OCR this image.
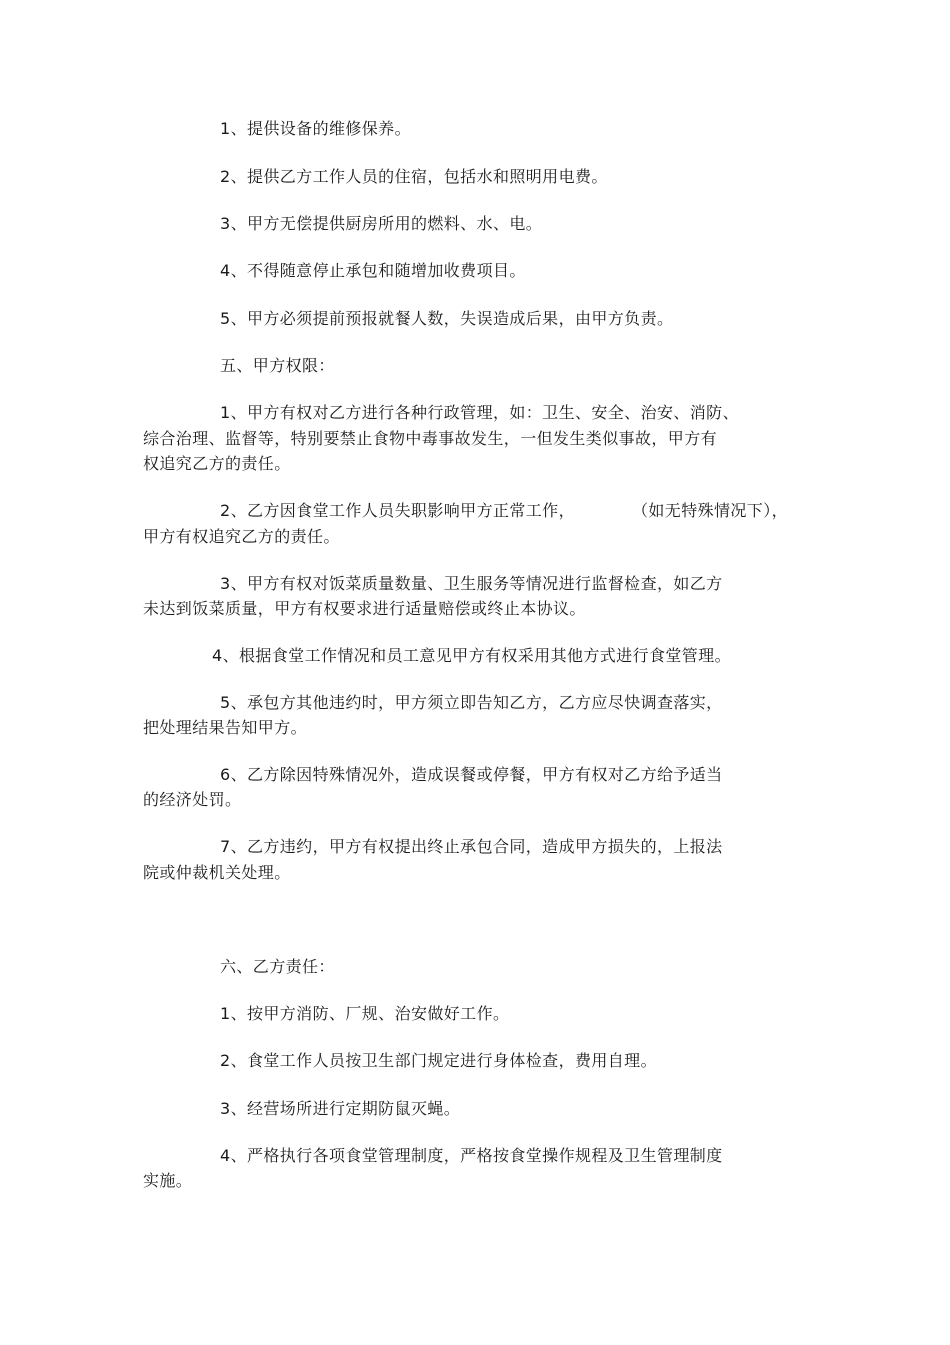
1、提供设备的维修保养。
2、提供乙方工作人员的住宿，包括水和照明用电费。
3、甲方无偿提供厨房所用的燃料、水、电。
4、不得随意停止承包和随增加收费项目。
5、甲方必须提前预报就餐人数，失误造成后果，由甲方负责。
五、甲方权限：
1、甲方有权对乙方进行各种行政管理，如：卫生、安全、治安、消防、
综合治理、监督等，特别要禁止食物中毒事故发生，一但发生类似事故，甲方有
权追究乙方的责任。
2、乙方因食堂工作人员失职影响甲方正常工作，	（如无特殊情况下），
甲方有权追究乙方的责任。
3、甲方有权对饭菜质量数量、卫生服务等情况进行监督检查，如乙方
未达到饭菜质量，甲方有权要求进行适量赔偿或终止本协议。
4、根据食堂工作情况和员工意见甲方有权采用其他方式进行食堂管理。
5、承包方其他违约时，甲方须立即告知乙方，乙方应尽快调查落实，
把处理结果告知甲方。
6、乙方除因特殊情况外，造成误餐或停餐，甲方有权对乙方给予适当
的经济处罚。
7、乙方违约，甲方有权提出终止承包合同，造成甲方损失的，上报法
院或仲裁机关处理。
六、乙方责任：
1、按甲方消防、厂规、治安做好工作。
2、食堂工作人员按卫生部门规定进行身体检查，费用自理。
3、经营场所进行定期防鼠灭蝇。
4、严格执行各项食堂管理制度，严格按食堂操作规程及卫生管理制度
实施。
